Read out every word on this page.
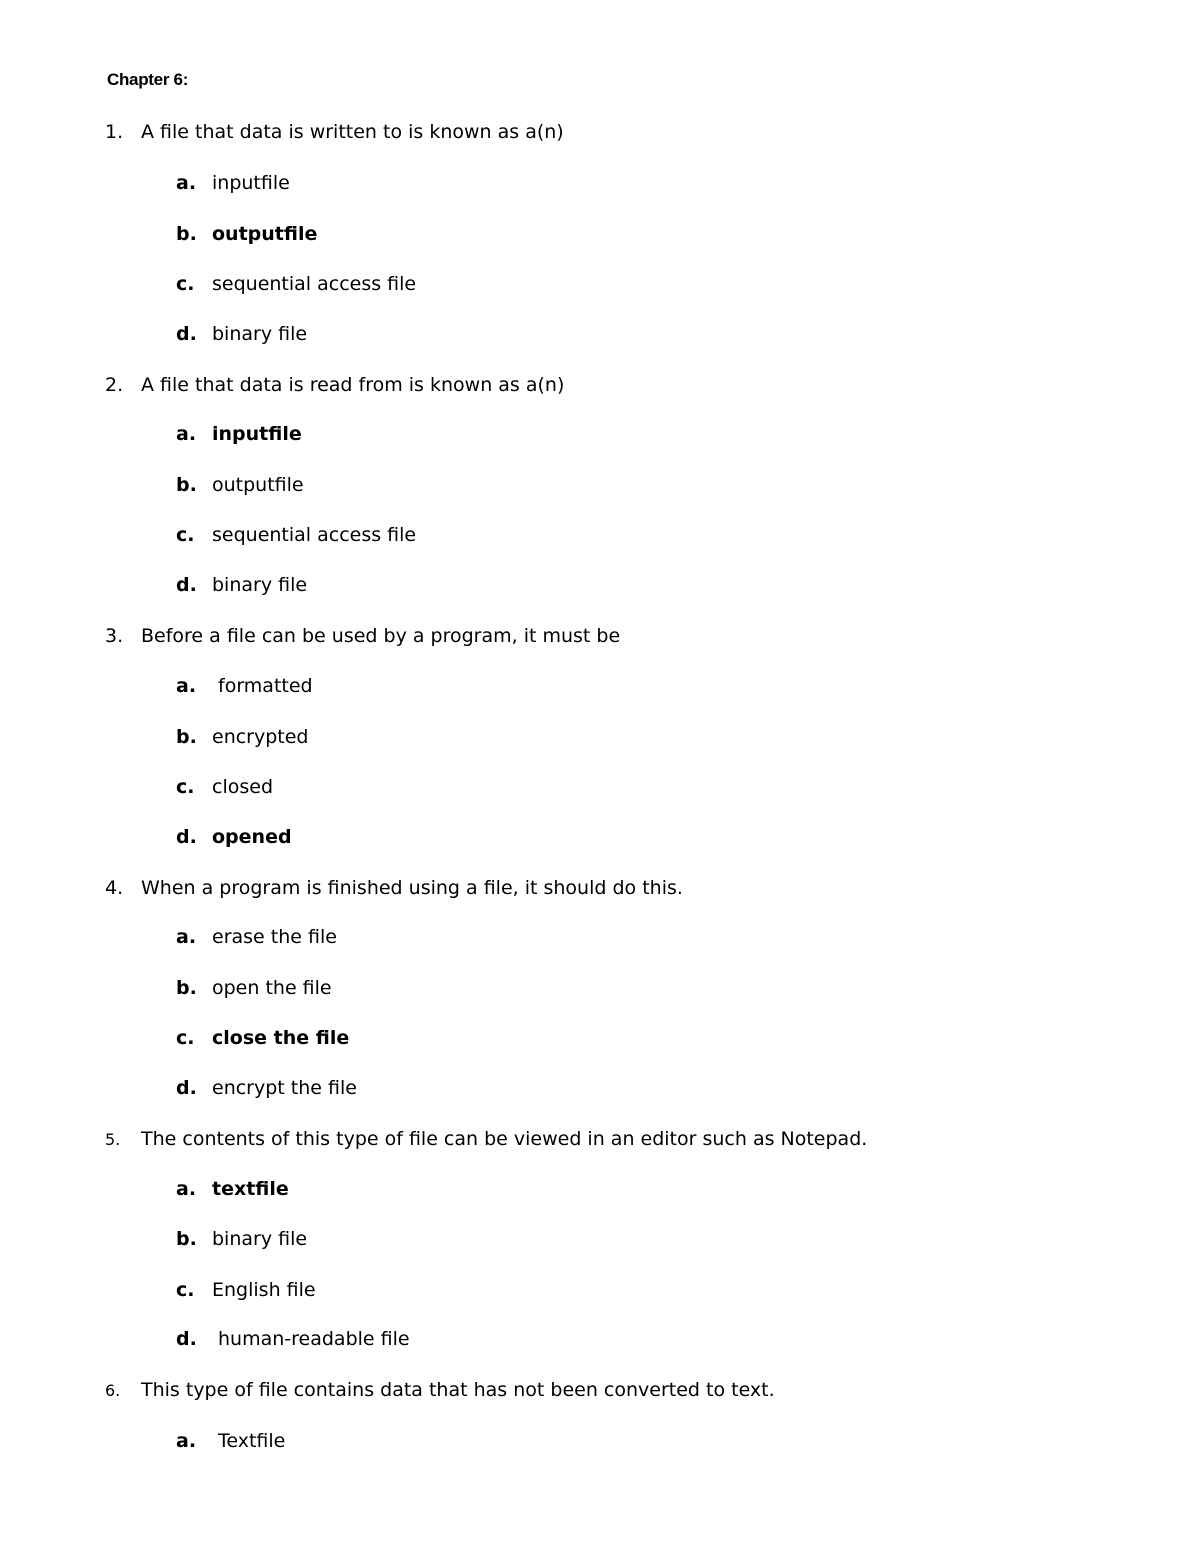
Chapter 6:
1. A file that data is written to is known as a(n)
a. inputfile
b. outputfile
c. sequential access file
d. binary file
2. A file that data is read from is known as a(n)
a. inputfile
b. outputfile
c. sequential access file
d. binary file
3. Before a file can be used by a program, it must be
a. formatted
b. encrypted
c. closed
d. opened
4. When a program is finished using a file, it should do this.
a. erase the file
b. open the file
c. close the file
d. encrypt the file
5. The contents of this type of file can be viewed in an editor such as Notepad.
a. textfile
b. binary file
c. English file
d. human-readable file
6. This type of file contains data that has not been converted to text.
a. Textfile
